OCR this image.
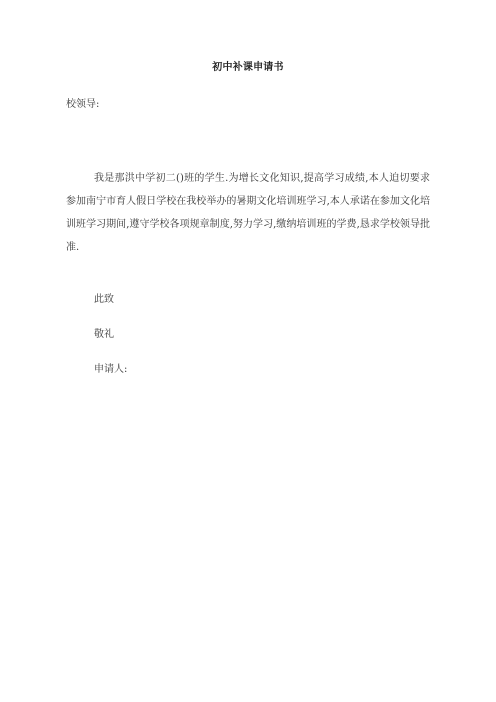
初中补课申请书
校领导:

我是那洪中学初二()班的学生.为增长文化知识,提高学习成绩,本人迫切要求参加南宁市育人假日学校在我校举办的暑期文化培训班学习,本人承诺在参加文化培训班学习期间,遵守学校各项规章制度,努力学习,缴纳培训班的学费,恳求学校领导批准.

此致
敬礼
申请人:
